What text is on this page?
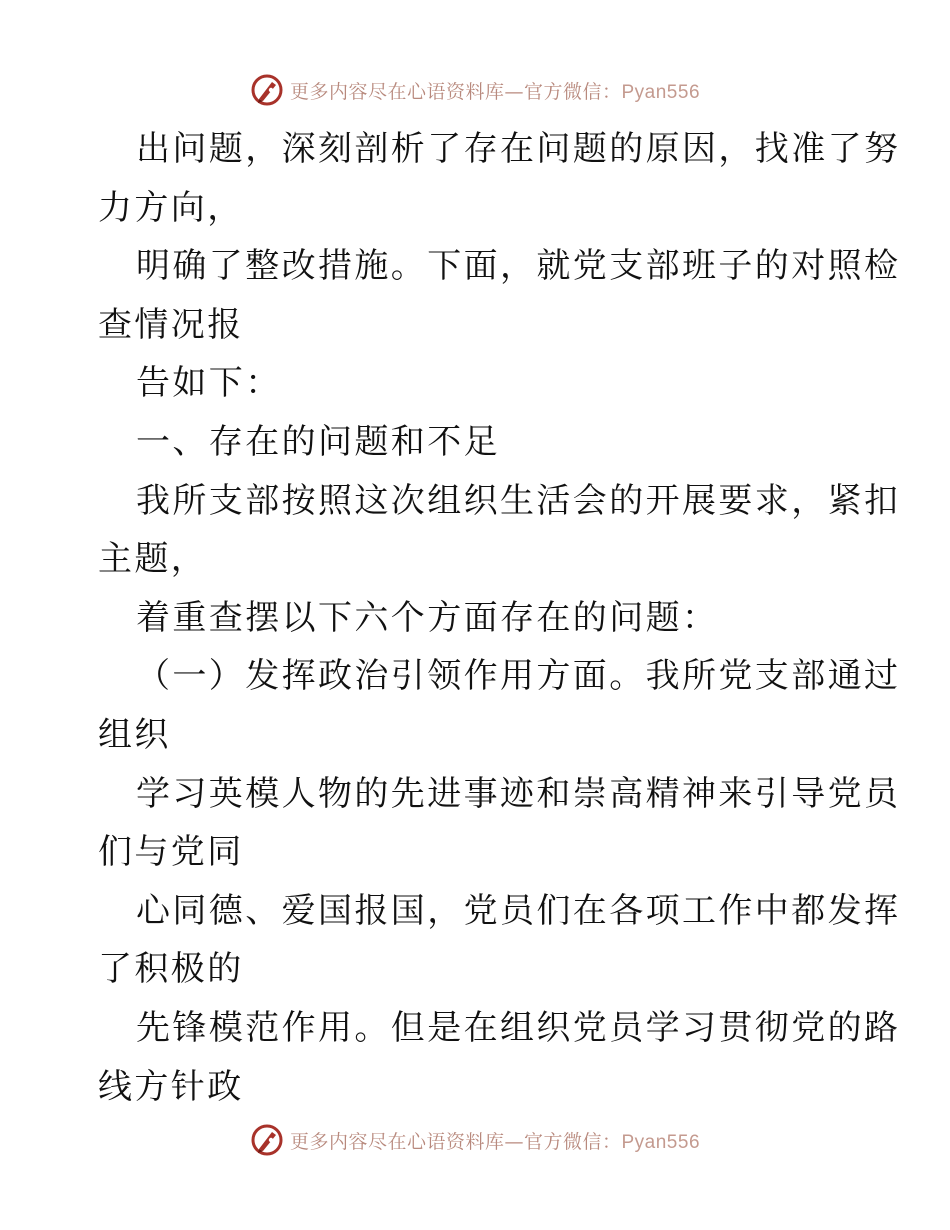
更多内容尽在心语资料库—官方微信：Pyan556
出问题，深刻剖析了存在问题的原因，找准了努
力方向，
明确了整改措施。下面，就党支部班子的对照检
查情况报
告如下：
一、存在的问题和不足
我所支部按照这次组织生活会的开展要求，紧扣
主题，
着重查摆以下六个方面存在的问题：
（一）发挥政治引领作用方面。我所党支部通过
组织
学习英模人物的先进事迹和崇高精神来引导党员
们与党同
心同德、爱国报国，党员们在各项工作中都发挥
了积极的
先锋模范作用。但是在组织党员学习贯彻党的路
线方针政
更多内容尽在心语资料库—官方微信：Pyan556
